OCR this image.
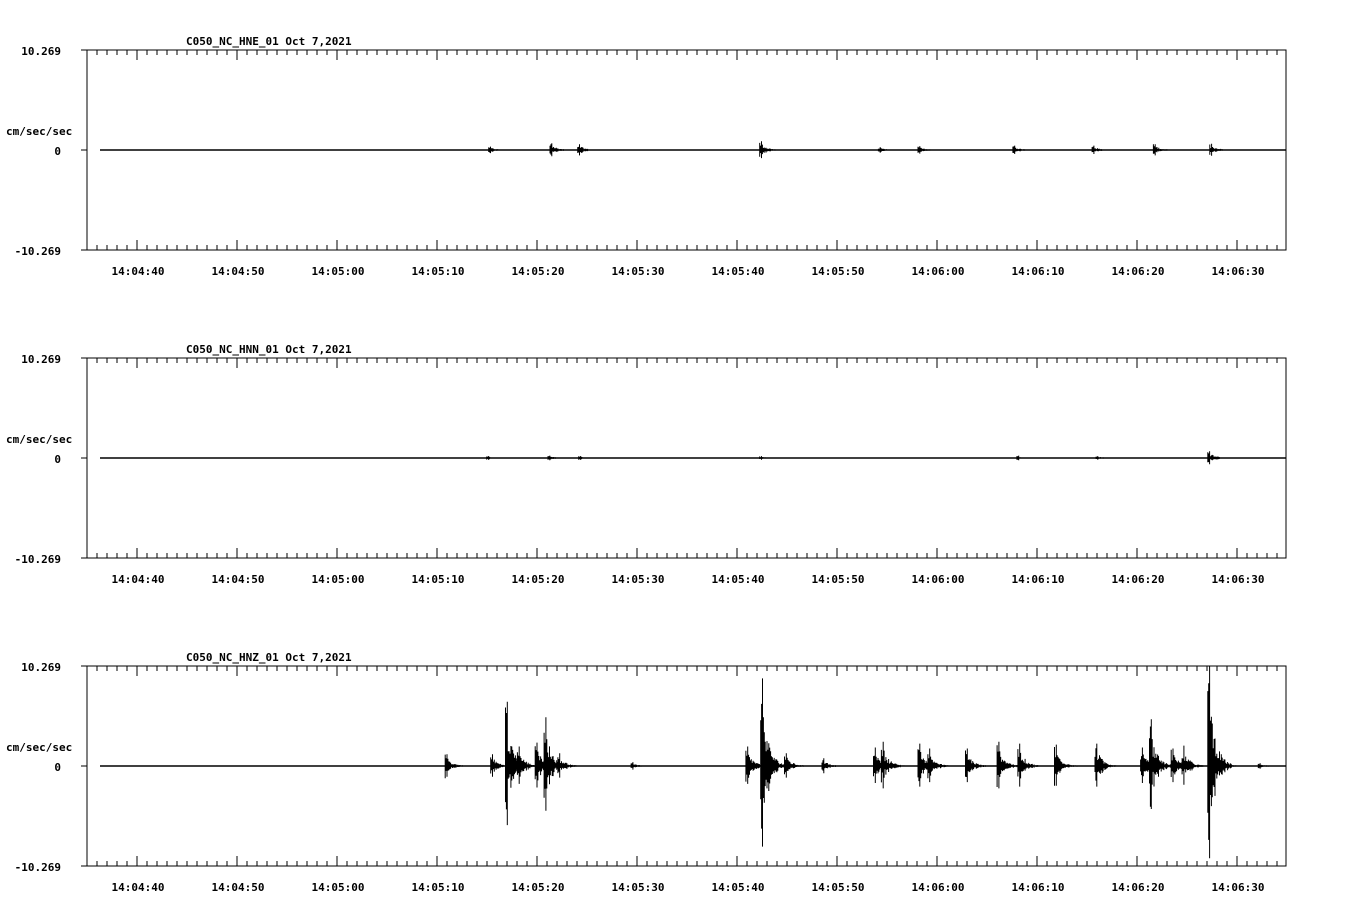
C050_NC_HNE_01 Oct 7,2021
10.269
0
-10.269
cm/sec/sec
14:04:40	14:04:50	14:05:00	14:05:10	14:05:20	14:05:30	14:05:40	14:05:50	14:06:00	14:06:10	14:06:20	14:06:30
C050_NC_HNN_01 Oct 7,2021
10.269
0
-10.269
cm/sec/sec
14:04:40	14:04:50	14:05:00	14:05:10	14:05:20	14:05:30	14:05:40	14:05:50	14:06:00	14:06:10	14:06:20	14:06:30
C050_NC_HNZ_01 Oct 7,2021
10.269
0
-10.269
cm/sec/sec
14:04:40	14:04:50	14:05:00	14:05:10	14:05:20	14:05:30	14:05:40	14:05:50	14:06:00	14:06:10	14:06:20	14:06:30
